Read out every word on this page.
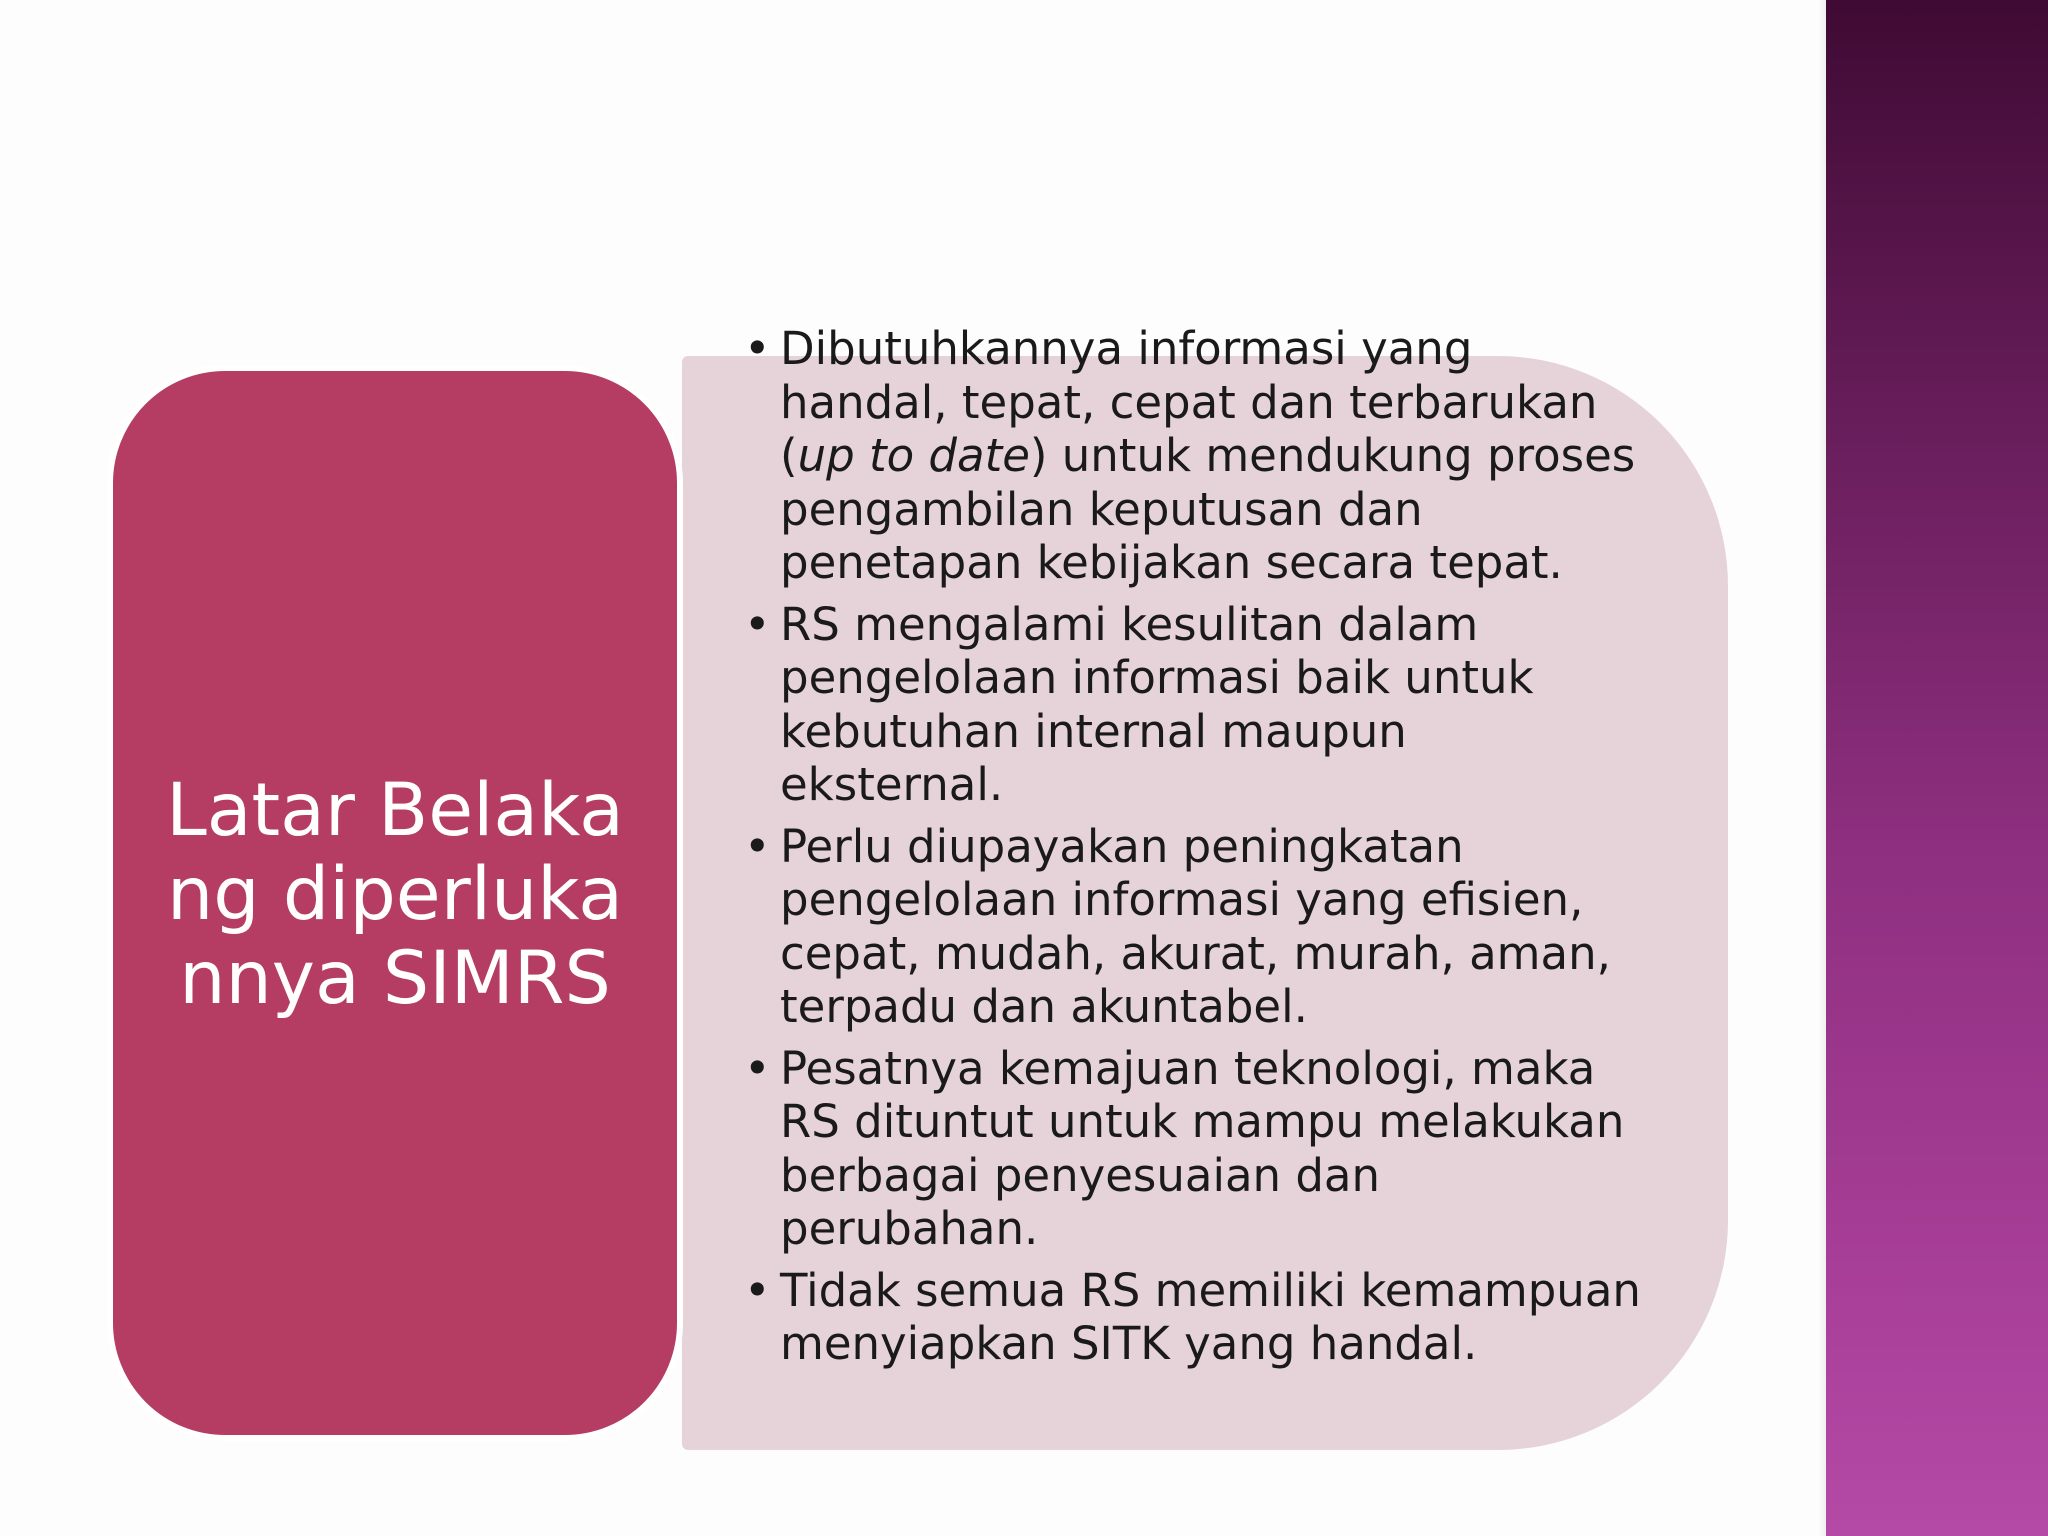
Latar Belakang diperlukannya SIMRS
• Dibutuhkannya informasi yang handal, tepat, cepat dan terbarukan (up to date) untuk mendukung proses pengambilan keputusan dan penetapan kebijakan secara tepat.
• RS mengalami kesulitan dalam pengelolaan informasi baik untuk kebutuhan internal maupun eksternal.
• Perlu diupayakan peningkatan pengelolaan informasi yang efisien, cepat, mudah, akurat, murah, aman, terpadu dan akuntabel.
• Pesatnya kemajuan teknologi, maka RS dituntut untuk mampu melakukan berbagai penyesuaian dan perubahan.
• Tidak semua RS memiliki kemampuan menyiapkan SITK yang handal.
